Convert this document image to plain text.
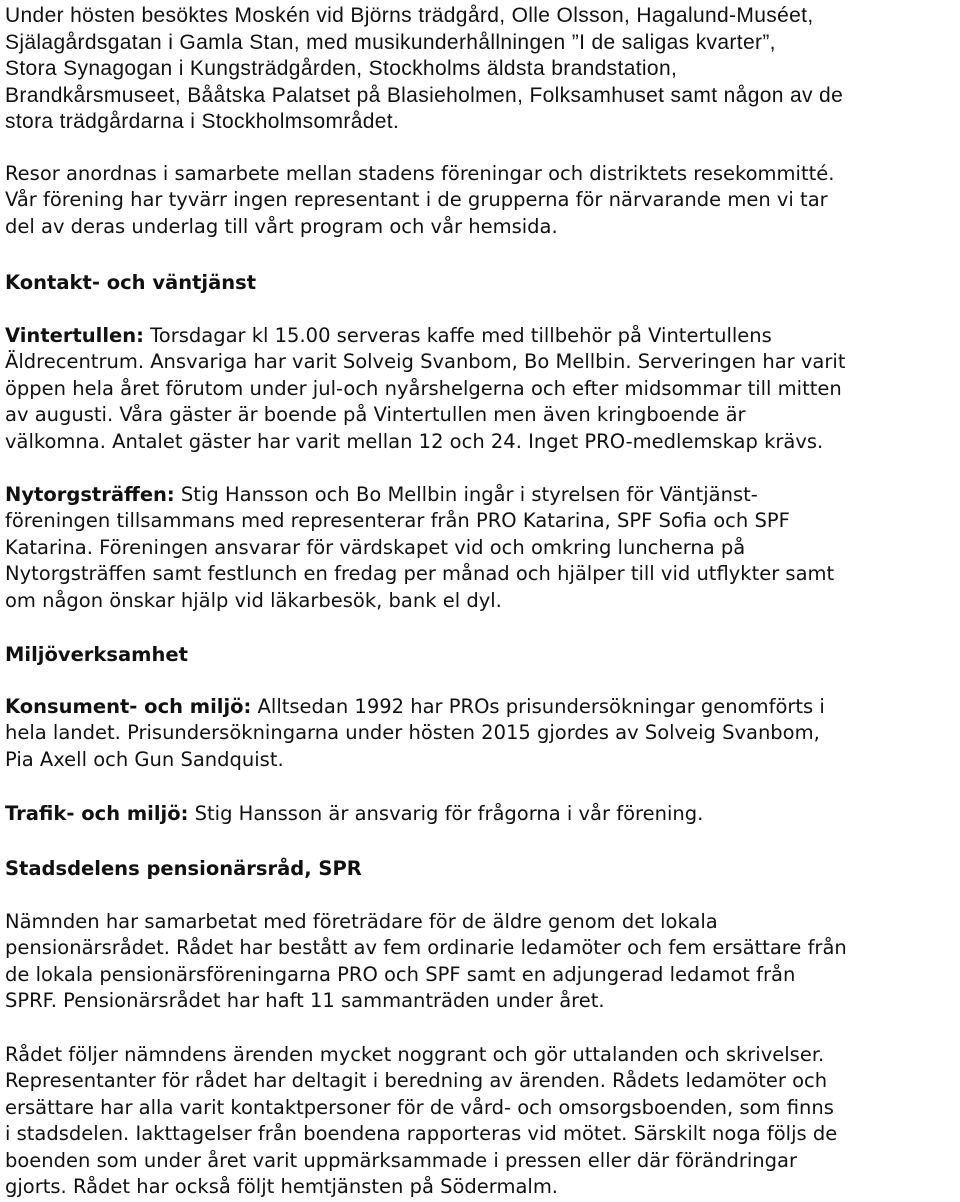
Under hösten besöktes Moskén vid Björns trädgård, Olle Olsson, Hagalund-Muséet,
Själagårdsgatan i Gamla Stan, med musikunderhållningen ”I de saligas kvarter”,
Stora Synagogan i Kungsträdgården, Stockholms äldsta brandstation,
Brandkårsmuseet, Bååtska Palatset på Blasieholmen, Folksamhuset samt någon av de
stora trädgårdarna i Stockholmsområdet.

Resor anordnas i samarbete mellan stadens föreningar och distriktets resekommitté.
Vår förening har tyvärr ingen representant i de grupperna för närvarande men vi tar
del av deras underlag till vårt program och vår hemsida.

Kontakt- och väntjänst

Vintertullen: Torsdagar kl 15.00 serveras kaffe med tillbehör på Vintertullens
Äldrecentrum. Ansvariga har varit Solveig Svanbom, Bo Mellbin. Serveringen har varit
öppen hela året förutom under jul-och nyårshelgerna och efter midsommar till mitten
av augusti. Våra gäster är boende på Vintertullen men även kringboende är
välkomna. Antalet gäster har varit mellan 12 och 24. Inget PRO-medlemskap krävs.

Nytorgsträffen: Stig Hansson och Bo Mellbin ingår i styrelsen för Väntjänst-
föreningen tillsammans med representerar från PRO Katarina, SPF Sofia och SPF
Katarina. Föreningen ansvarar för värdskapet vid och omkring luncherna på
Nytorgsträffen samt festlunch en fredag per månad och hjälper till vid utflykter samt
om någon önskar hjälp vid läkarbesök, bank el dyl.

Miljöverksamhet

Konsument- och miljö: Alltsedan 1992 har PROs prisundersökningar genomförts i
hela landet. Prisundersökningarna under hösten 2015 gjordes av Solveig Svanbom,
Pia Axell och Gun Sandquist.

Trafik- och miljö: Stig Hansson är ansvarig för frågorna i vår förening.

Stadsdelens pensionärsråd, SPR

Nämnden har samarbetat med företrädare för de äldre genom det lokala
pensionärsrådet. Rådet har bestått av fem ordinarie ledamöter och fem ersättare från
de lokala pensionärsföreningarna PRO och SPF samt en adjungerad ledamot från
SPRF. Pensionärsrådet har haft 11 sammanträden under året.

Rådet följer nämndens ärenden mycket noggrant och gör uttalanden och skrivelser.
Representanter för rådet har deltagit i beredning av ärenden. Rådets ledamöter och
ersättare har alla varit kontaktpersoner för de vård- och omsorgsboenden, som finns
i stadsdelen. Iakttagelser från boendena rapporteras vid mötet. Särskilt noga följs de
boenden som under året varit uppmärksammade i pressen eller där förändringar
gjorts. Rådet har också följt hemtjänsten på Södermalm.
